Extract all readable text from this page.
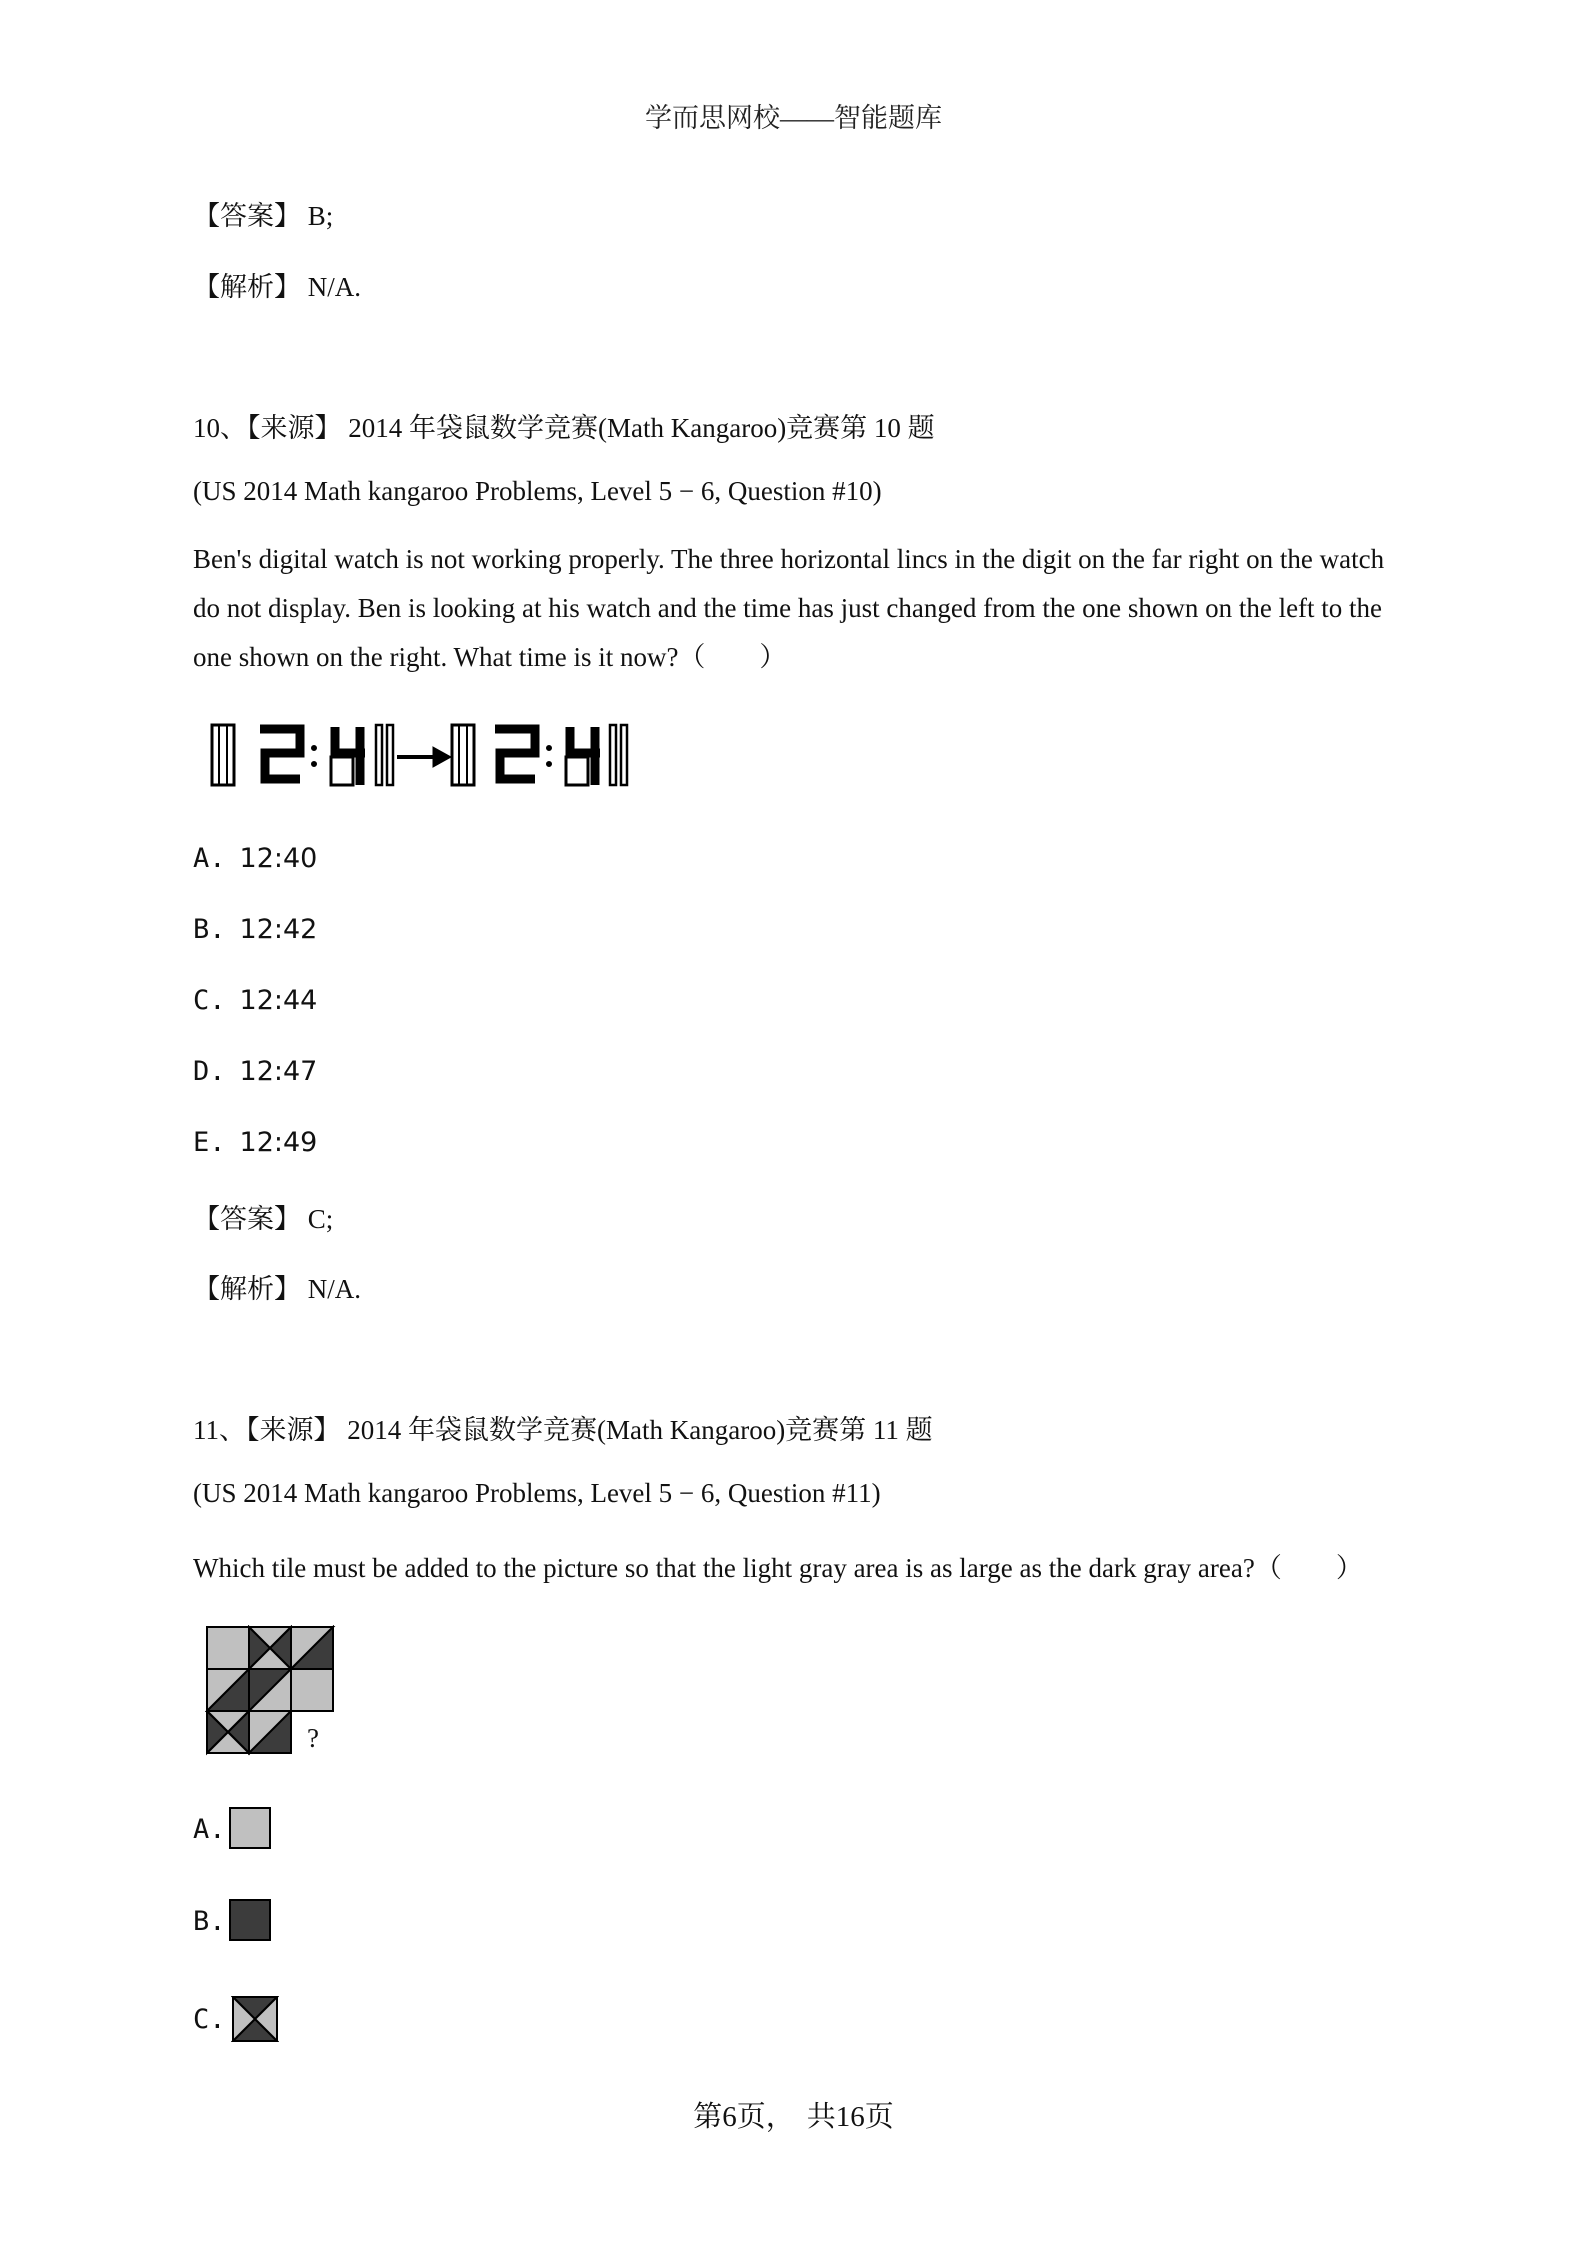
学而思网校——智能题库
【答案】 B;
【解析】 N/A.
10、【来源】 2014 年袋鼠数学竞赛(Math Kangaroo)竞赛第 10 题
(US 2014 Math kangaroo Problems, Level 5 − 6, Question #10)
Ben's digital watch is not working properly. The three horizontal lincs in the digit on the far right on the watch do not display. Ben is looking at his watch and the time has just changed from the one shown on the left to the one shown on the right. What time is it now?（　　）
A. 12:40
B. 12:42
C. 12:44
D. 12:47
E. 12:49
【答案】 C;
【解析】 N/A.
11、【来源】 2014 年袋鼠数学竞赛(Math Kangaroo)竞赛第 11 题
(US 2014 Math kangaroo Problems, Level 5 − 6, Question #11)
Which tile must be added to the picture so that the light gray area is as large as the dark gray area?（　　）
?
A.
B.
C.
第6页， 共16页
